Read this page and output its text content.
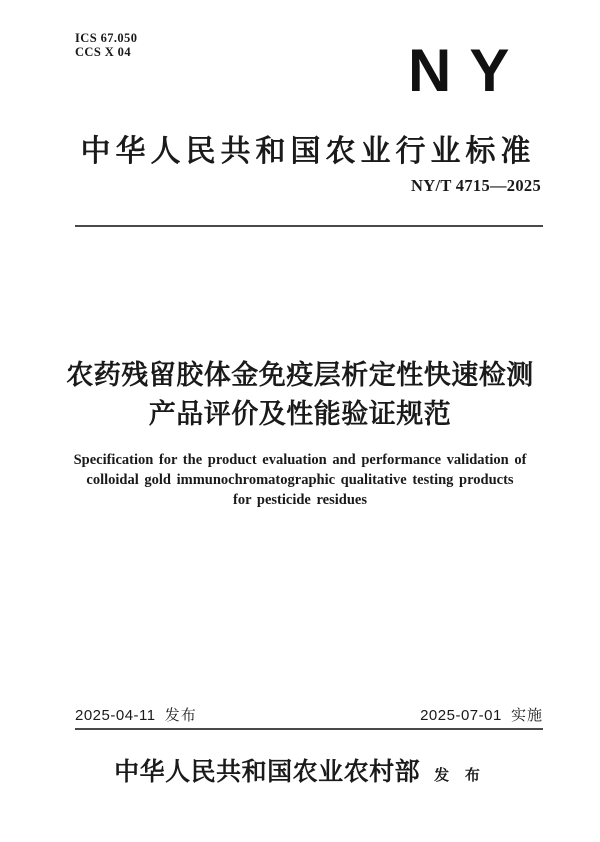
ICS 67.050
CCS X 04	NY
中华人民共和国农业行业标准
NY/T 4715—2025
农药残留胶体金免疫层析定性快速检测
产品评价及性能验证规范
Specification for the product evaluation and performance validation of
colloidal gold immunochromatographic qualitative testing products
for pesticide residues
2025-04-11 发布	2025-07-01 实施
中华人民共和国农业农村部 发 布
